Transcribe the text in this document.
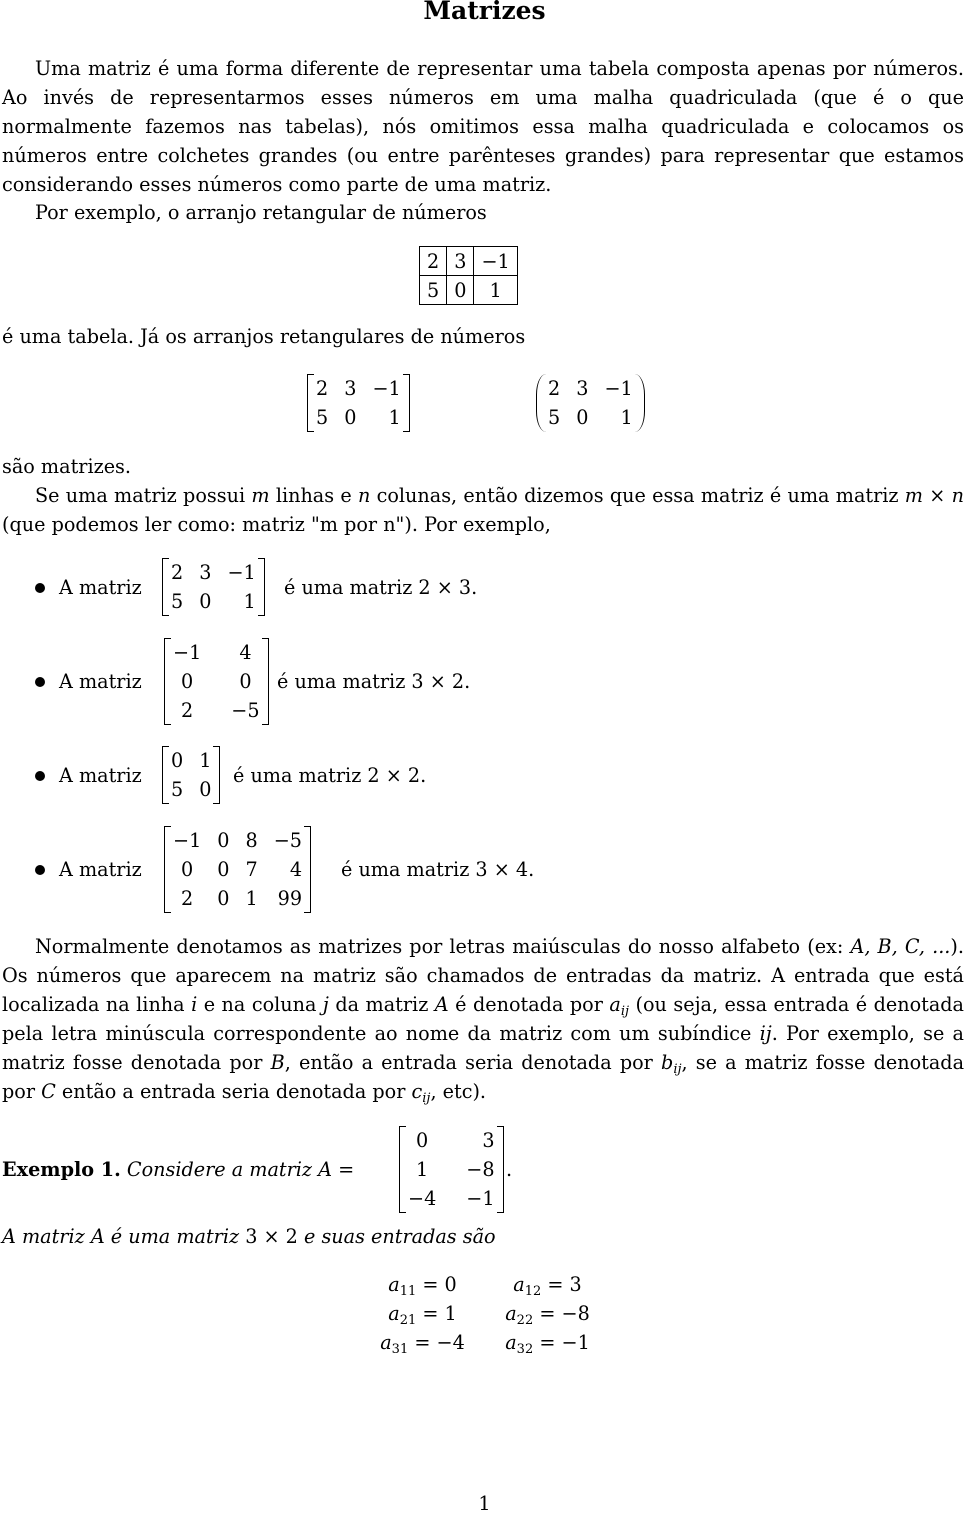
Matrizes
Uma matriz é uma forma diferente de representar uma tabela composta apenas por números. Ao invés de representarmos esses números em uma malha quadriculada (que é o que normalmente fazemos nas tabelas), nós omitimos essa malha quadriculada e colocamos os números entre colchetes grandes (ou entre parênteses grandes) para representar que estamos considerando esses números como parte de uma matriz.
Por exemplo, o arranjo retangular de números
2	3	−1
5	0	1
é uma tabela. Já os arranjos retangulares de números
2	3	−1
5	0	1
2	3	−1
5	0	1
são matrizes.
Se uma matriz possui m linhas e n colunas, então dizemos que essa matriz é uma matriz m × n (que podemos ler como: matriz "m por n"). Por exemplo,
A matriz
2	3	−1
5	0	1
é uma matriz 2 × 3.
A matriz
−1	4
0	0
2	−5
é uma matriz 3 × 2.
A matriz
0	1
5	0
é uma matriz 2 × 2.
A matriz
−1	0	8	−5
0	0	7	4
2	0	1	99
é uma matriz 3 × 4.
Normalmente denotamos as matrizes por letras maiúsculas do nosso alfabeto (ex: A, B, C, ...). Os números que aparecem na matriz são chamados de entradas da matriz. A entrada que está localizada na linha i e na coluna j da matriz A é denotada por $a_{ij}$ (ou seja, essa entrada é denotada pela letra minúscula correspondente ao nome da matriz com um subíndice ij. Por exemplo, se a matriz fosse denotada por B, então a entrada seria denotada por $b_{ij}$, se a matriz fosse denotada por C então a entrada seria denotada por $c_{ij}$, etc).
Exemplo 1. Considere a matriz A =
0	3
1	−8
−4	−1
.
A matriz A é uma matriz 3 × 2 e suas entradas são
$a_{11} = 0$	$a_{12} = 3$
$a_{21} = 1$	$a_{22} = -8$
$a_{31} = -4$	$a_{32} = -1$
1
